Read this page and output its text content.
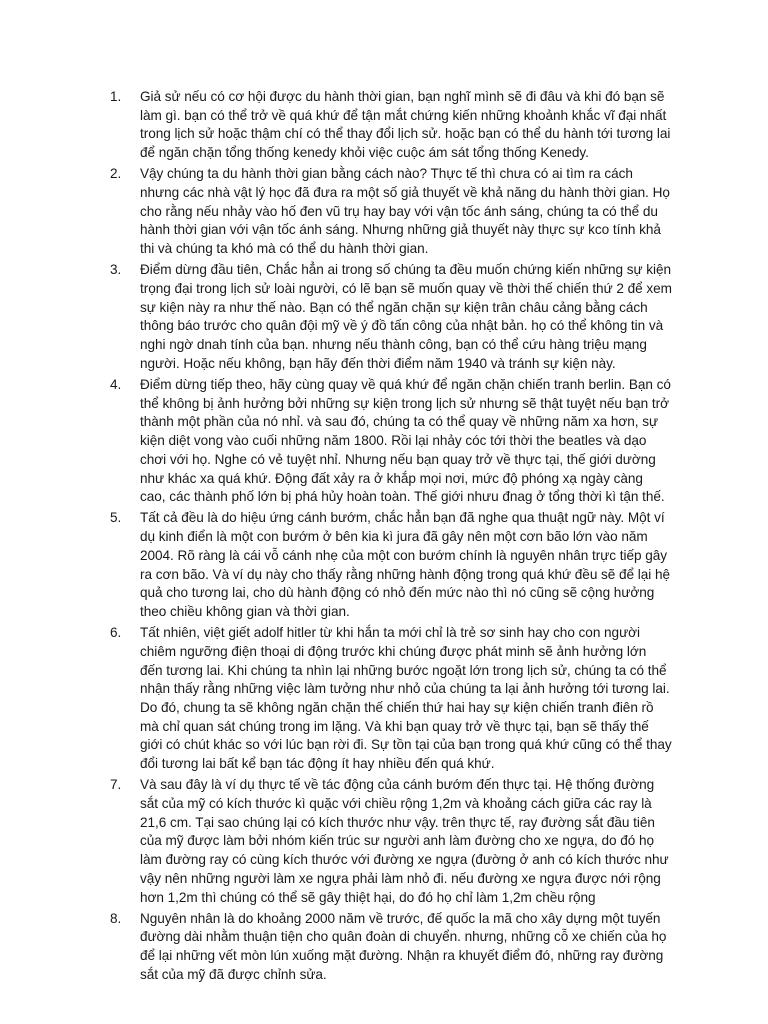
1. Giả sử nếu có cơ hội được du hành thời gian, bạn nghĩ mình sẽ đi đâu và khi đó bạn sẽ làm gì. bạn có thể trở về quá khứ để tận mắt chứng kiến những khoảnh khắc vĩ đại nhất trong lịch sử hoặc thậm chí có thể thay đổi lịch sử. hoặc bạn có thể du hành tới tương lai để ngăn chặn tổng thống kenedy khỏi việc cuộc ám sát tổng thống Kenedy.
2. Vậy chúng ta du hành thời gian bằng cách nào? Thực tế thì chưa có ai tìm ra cách nhưng các nhà vật lý học đã đưa ra một số giả thuyết về khả năng du hành thời gian. Họ cho rằng nếu nhảy vào hố đen vũ trụ hay bay với vận tốc ánh sáng, chúng ta có thể du hành thời gian với vận tốc ánh sáng. Nhưng những giả thuyết này thực sự kco tính khả thi và chúng ta khó mà có thể du hành thời gian.
3. Điểm dừng đầu tiên, Chắc hẳn ai trong số chúng ta đều muốn chứng kiến những sự kiện trọng đại trong lịch sử loài người, có lẽ bạn sẽ muốn quay về thời thế chiến thứ 2 để xem sự kiện này ra như thế nào. Bạn có thể ngăn chặn sự kiện trân châu cảng bằng cách thông báo trước cho quân đội mỹ về ý đồ tấn công của nhật bản. họ có thể không tin và nghi ngờ dnah tính của bạn. nhưng nếu thành công, bạn có thể cứu hàng triệu mạng người. Hoặc nếu không, bạn hãy đến thời điểm năm 1940 và tránh sự kiện này.
4. Điểm dừng tiếp theo, hãy cùng quay về quá khứ để ngăn chặn chiến tranh berlin. Bạn có thể không bị ảnh hưởng bởi những sự kiện trong lịch sử nhưng sẽ thật tuyệt nếu bạn trở thành một phần của nó nhỉ. và sau đó, chúng ta có thể quay về những năm xa hơn, sự kiện diệt vong vào cuối những năm 1800. Rồi lại nhảy cóc tới thời the beatles và dạo chơi với họ. Nghe có vẻ tuyệt nhỉ. Nhưng nếu bạn quay trở về thực tại, thế giới dường như khác xa quá khứ. Động đất xảy ra ở khắp mọi nơi, mức độ phóng xạ ngày càng cao, các thành phố lớn bị phá hủy hoàn toàn. Thế giới nhưu đnag ở tổng thời kì tận thế.
5. Tất cả đều là do hiệu ứng cánh bướm, chắc hẳn bạn đã nghe qua thuật ngữ này. Một ví dụ kinh điển là một con bướm ở bên kia kì jura đã gây nên một cơn bão lớn vào năm 2004. Rõ ràng là cái vỗ cánh nhẹ của một con bướm chính là nguyên nhân trực tiếp gây ra cơn bão. Và ví dụ này cho thấy rằng những hành động trong quá khứ đều sẽ để lại hệ quả cho tương lai, cho dù hành động có nhỏ đến mức nào thì nó cũng sẽ cộng hưởng theo chiều không gian và thời gian.
6. Tất nhiên, việt giết adolf hitler từ khi hắn ta mới chỉ là trẻ sơ sinh hay cho con người chiêm ngưỡng điện thoại di động trước khi chúng được phát minh sẽ ảnh hưởng lớn đến tương lai. Khi chúng ta nhìn lại những bước ngoặt lớn trong lịch sử, chúng ta có thể nhận thấy rằng những việc làm tưởng như nhỏ của chúng ta lại ảnh hưởng tới tương lai. Do đó, chung ta sẽ không ngăn chặn thế chiến thứ hai hay sự kiện chiến tranh điên rồ mà chỉ quan sát chúng trong im lặng. Và khi bạn quay trở về thực tại, bạn sẽ thấy thế giới có chút khác so với lúc bạn rời đi. Sự tồn tại của bạn trong quá khứ cũng có thể thay đổi tương lai bất kể bạn tác động ít hay nhiều đến quá khứ.
7. Và sau đây là ví dụ thực tế về tác động của cánh bướm đến thực tại. Hệ thống đường sắt của mỹ có kích thước kì quặc với chiều rộng 1,2m và khoảng cách giữa các ray là 21,6 cm. Tại sao chúng lại có kích thước như vậy. trên thực tế, ray đường sắt đầu tiên của mỹ được làm bởi nhóm kiến trúc sư người anh làm đường cho xe ngựa, do đó họ làm đường ray có cùng kích thước với đường xe ngựa (đường ở anh có kích thước như vậy nên những người làm xe ngựa phải làm nhỏ đi. nếu đường xe ngựa được nới rộng hơn 1,2m thì chúng có thể sẽ gây thiệt hại, do đó họ chỉ làm 1,2m chều rộng
8. Nguyên nhân là do khoảng 2000 năm về trước, đế quốc la mã cho xây dựng một tuyến đường dài nhằm thuận tiện cho quân đoàn di chuyển. nhưng, những cỗ xe chiến của họ để lại những vết mòn lún xuống mặt đường. Nhận ra khuyết điểm đó, những ray đường sắt của mỹ đã được chỉnh sửa.
